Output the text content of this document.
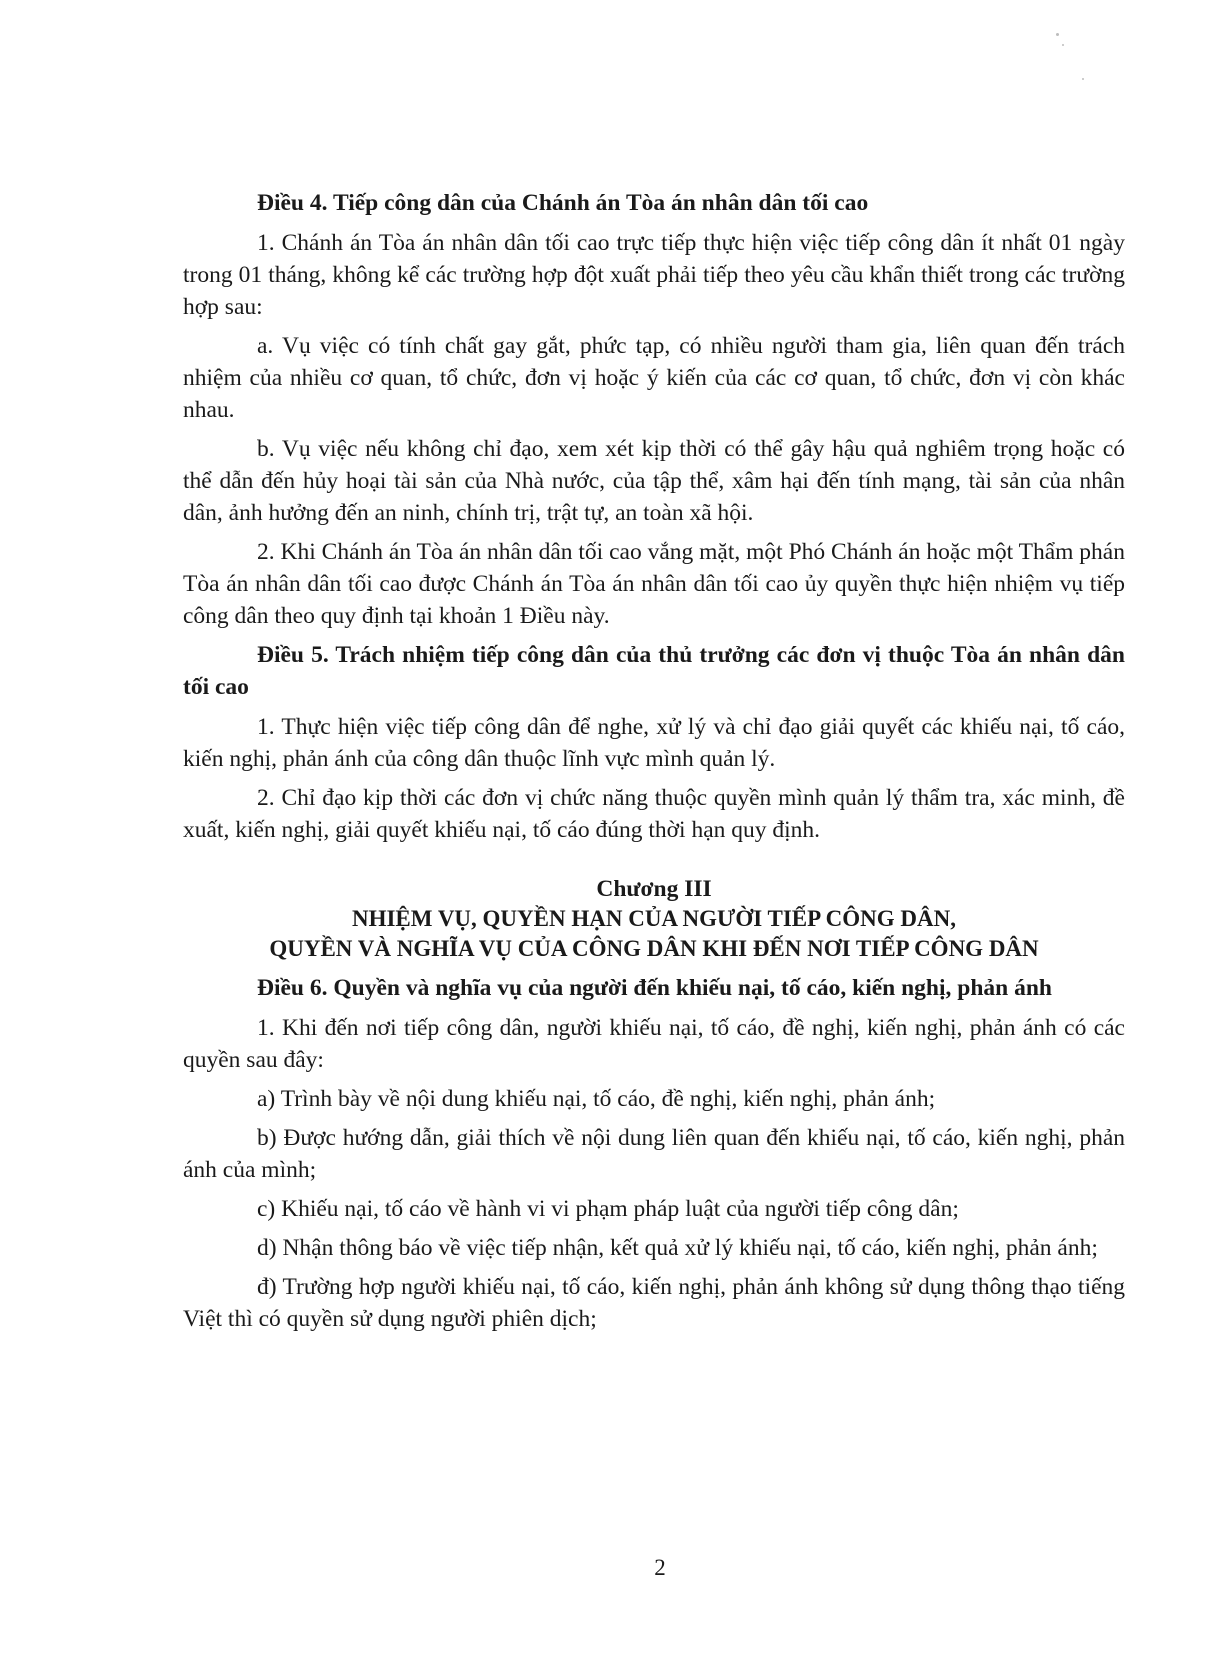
Điều 4. Tiếp công dân của Chánh án Tòa án nhân dân tối cao

1. Chánh án Tòa án nhân dân tối cao trực tiếp thực hiện việc tiếp công dân ít nhất 01 ngày trong 01 tháng, không kể các trường hợp đột xuất phải tiếp theo yêu cầu khẩn thiết trong các trường hợp sau:

a. Vụ việc có tính chất gay gắt, phức tạp, có nhiều người tham gia, liên quan đến trách nhiệm của nhiều cơ quan, tổ chức, đơn vị hoặc ý kiến của các cơ quan, tổ chức, đơn vị còn khác nhau.

b. Vụ việc nếu không chỉ đạo, xem xét kịp thời có thể gây hậu quả nghiêm trọng hoặc có thể dẫn đến hủy hoại tài sản của Nhà nước, của tập thể, xâm hại đến tính mạng, tài sản của nhân dân, ảnh hưởng đến an ninh, chính trị, trật tự, an toàn xã hội.

2. Khi Chánh án Tòa án nhân dân tối cao vắng mặt, một Phó Chánh án hoặc một Thẩm phán Tòa án nhân dân tối cao được Chánh án Tòa án nhân dân tối cao ủy quyền thực hiện nhiệm vụ tiếp công dân theo quy định tại khoản 1 Điều này.

Điều 5. Trách nhiệm tiếp công dân của thủ trưởng các đơn vị thuộc Tòa án nhân dân tối cao

1. Thực hiện việc tiếp công dân để nghe, xử lý và chỉ đạo giải quyết các khiếu nại, tố cáo, kiến nghị, phản ánh của công dân thuộc lĩnh vực mình quản lý.

2. Chỉ đạo kịp thời các đơn vị chức năng thuộc quyền mình quản lý thẩm tra, xác minh, đề xuất, kiến nghị, giải quyết khiếu nại, tố cáo đúng thời hạn quy định.

Chương III
NHIỆM VỤ, QUYỀN HẠN CỦA NGƯỜI TIẾP CÔNG DÂN,
QUYỀN VÀ NGHĨA VỤ CỦA CÔNG DÂN KHI ĐẾN NƠI TIẾP CÔNG DÂN

Điều 6. Quyền và nghĩa vụ của người đến khiếu nại, tố cáo, kiến nghị, phản ánh

1. Khi đến nơi tiếp công dân, người khiếu nại, tố cáo, đề nghị, kiến nghị, phản ánh có các quyền sau đây:

a) Trình bày về nội dung khiếu nại, tố cáo, đề nghị, kiến nghị, phản ánh;

b) Được hướng dẫn, giải thích về nội dung liên quan đến khiếu nại, tố cáo, kiến nghị, phản ánh của mình;

c) Khiếu nại, tố cáo về hành vi vi phạm pháp luật của người tiếp công dân;

d) Nhận thông báo về việc tiếp nhận, kết quả xử lý khiếu nại, tố cáo, kiến nghị, phản ánh;

đ) Trường hợp người khiếu nại, tố cáo, kiến nghị, phản ánh không sử dụng thông thạo tiếng Việt thì có quyền sử dụng người phiên dịch;

2
